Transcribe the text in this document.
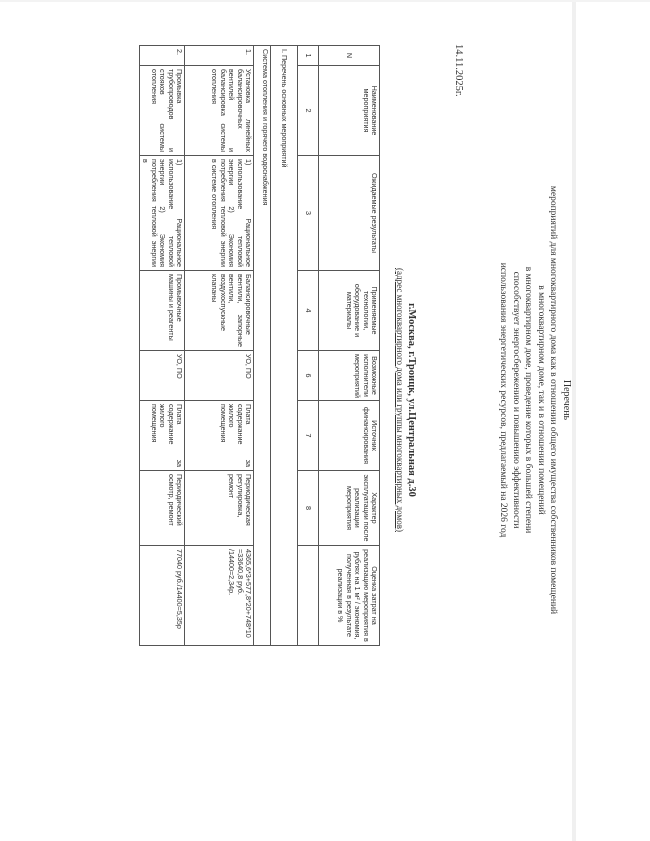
Перечень
мероприятий для многоквартирного дома как в отношении общего имущества собственников помещений
в многоквартирном доме, так и в отношении помещений
в многоквартирном доме, проведение которых в большей степени
способствует энергосбережению и повышению эффективности
использования энергетических ресурсов, предлагаемый на 2026 год
14.11.2025г.
г.Москва, г.Троицк, ул.Центральная д.30
(адрес многоквартирного дома или группы многоквартирных домов)
N	Наименование мероприятия	Ожидаемые результаты	Применяемые технологии, оборудование и материалы	Возможные исполнители мероприятий	Источник финансирования	Характер эксплуатации после реализации мероприятия	Оценка затрат на реализацию мероприятия в рублях на 1 м² / экономия, полученная в результате реализации в %
1	2	3	4	6	7	8	
I. Перечень основных мероприятий							
Система отопления и горячего водоснабжения							
1.	Установка линейных балансировочных вентилей и балансировка системы отопления	1) Рациональное использование тепловой энергии 2) Экономия потребления тепловой энергии в системе отопления	Балансировочные вентили, запорные вентили, воздухоспускные клапаны	УО, ПО	Плата за содержание жилого помещения	Периодическая регулировка, ремонт	4365,6*3+577,8*20+748*10 =33640,8 руб. /14400=2,34р.
2.	Промывка трубопроводов и стояков системы отопления	1) Рациональное использование тепловой энергии 2) Экономия потребления тепловой энергии в	Промывочные машины и реагенты	УО, ПО	Плата за содержание жилого помещения	Периодический осмотр, ремонт	77040 руб./14400=5,35р
